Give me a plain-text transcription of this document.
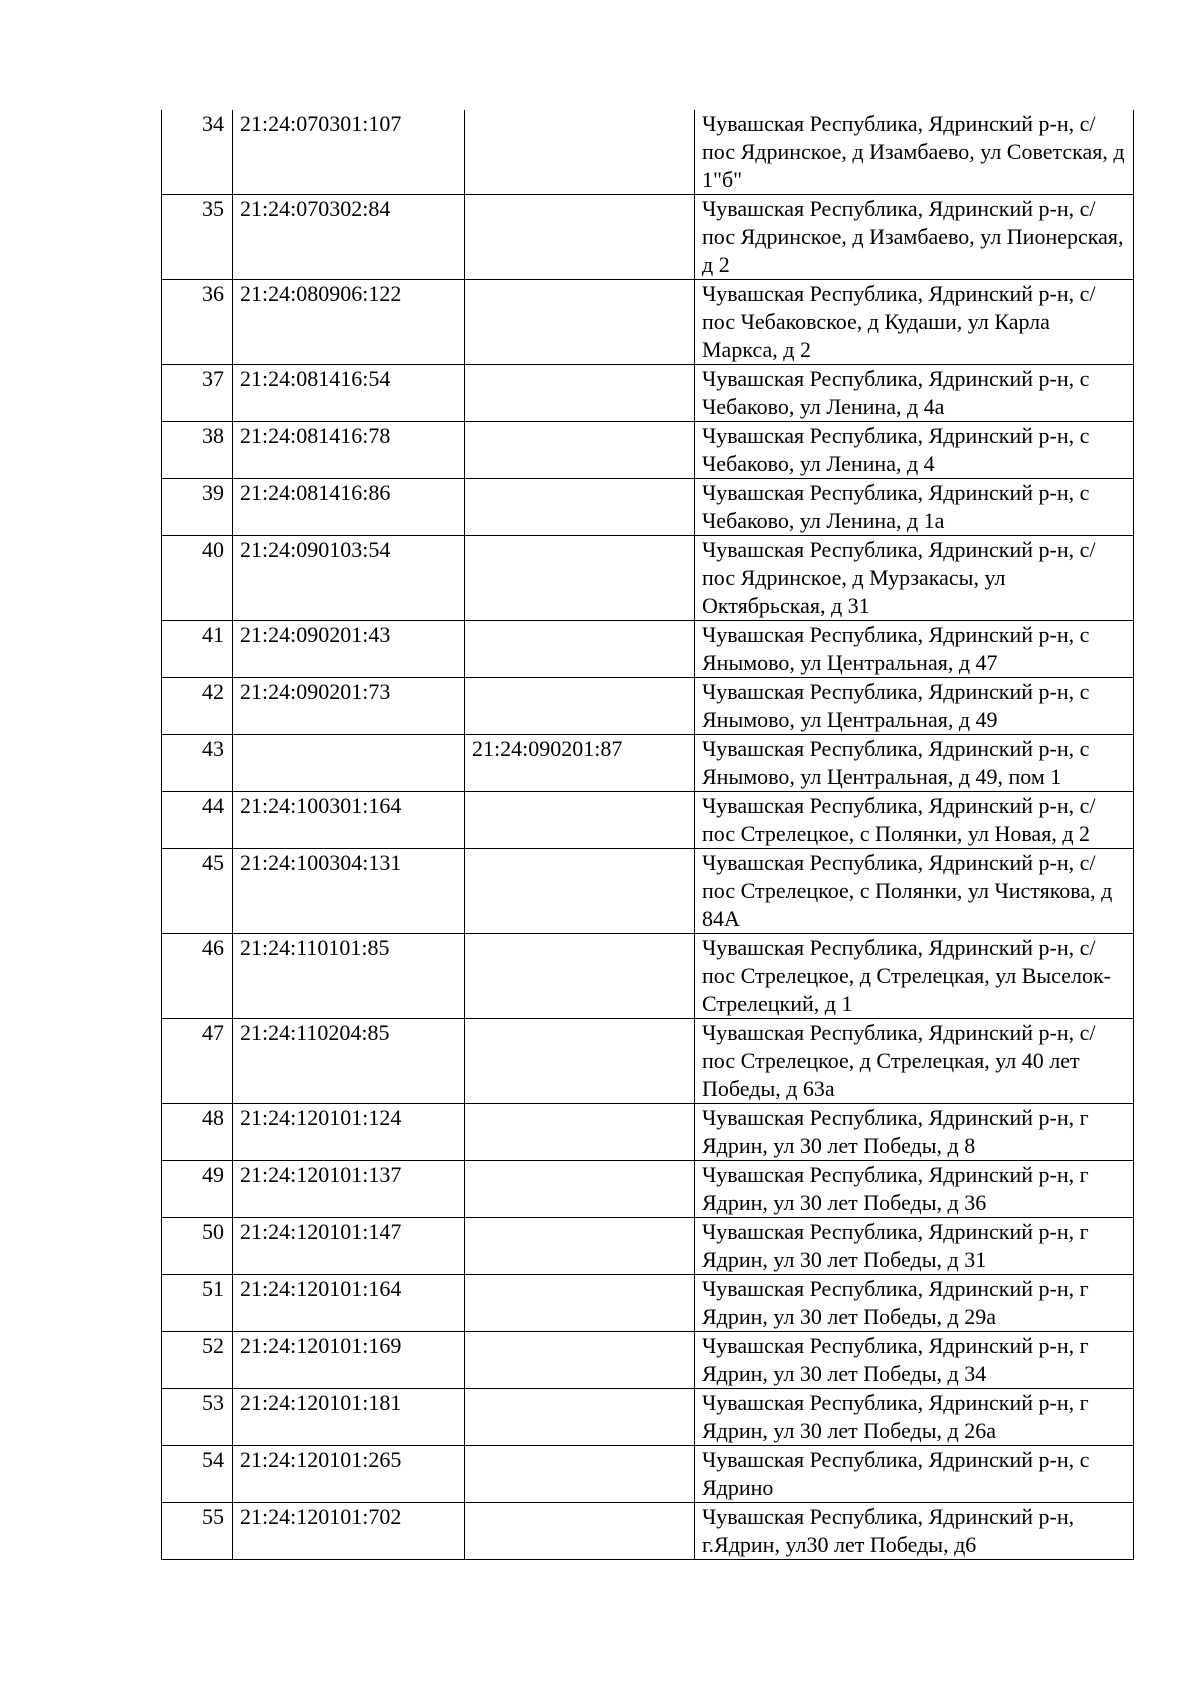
34	21:24:070301:107		Чувашская Республика, Ядринский р-н, с/пос Ядринское, д Изамбаево, ул Советская, д 1"б"
35	21:24:070302:84		Чувашская Республика, Ядринский р-н, с/пос Ядринское, д Изамбаево, ул Пионерская, д 2
36	21:24:080906:122		Чувашская Республика, Ядринский р-н, с/пос Чебаковское, д Кудаши, ул Карла Маркса, д 2
37	21:24:081416:54		Чувашская Республика, Ядринский р-н, с Чебаково, ул Ленина, д 4а
38	21:24:081416:78		Чувашская Республика, Ядринский р-н, с Чебаково, ул Ленина, д 4
39	21:24:081416:86		Чувашская Республика, Ядринский р-н, с Чебаково, ул Ленина, д 1а
40	21:24:090103:54		Чувашская Республика, Ядринский р-н, с/пос Ядринское, д Мурзакасы, ул Октябрьская, д 31
41	21:24:090201:43		Чувашская Республика, Ядринский р-н, с Янымово, ул Центральная, д 47
42	21:24:090201:73		Чувашская Республика, Ядринский р-н, с Янымово, ул Центральная, д 49
43		21:24:090201:87	Чувашская Республика, Ядринский р-н, с Янымово, ул Центральная, д 49, пом 1
44	21:24:100301:164		Чувашская Республика, Ядринский р-н, с/пос Стрелецкое, с Полянки, ул Новая, д 2
45	21:24:100304:131		Чувашская Республика, Ядринский р-н, с/пос Стрелецкое, с Полянки, ул Чистякова, д 84А
46	21:24:110101:85		Чувашская Республика, Ядринский р-н, с/пос Стрелецкое, д Стрелецкая, ул Выселок-Стрелецкий, д 1
47	21:24:110204:85		Чувашская Республика, Ядринский р-н, с/пос Стрелецкое, д Стрелецкая, ул 40 лет Победы, д 63а
48	21:24:120101:124		Чувашская Республика, Ядринский р-н, г Ядрин, ул 30 лет Победы, д 8
49	21:24:120101:137		Чувашская Республика, Ядринский р-н, г Ядрин, ул 30 лет Победы, д 36
50	21:24:120101:147		Чувашская Республика, Ядринский р-н, г Ядрин, ул 30 лет Победы, д 31
51	21:24:120101:164		Чувашская Республика, Ядринский р-н, г Ядрин, ул 30 лет Победы, д 29а
52	21:24:120101:169		Чувашская Республика, Ядринский р-н, г Ядрин, ул 30 лет Победы, д 34
53	21:24:120101:181		Чувашская Республика, Ядринский р-н, г Ядрин, ул 30 лет Победы, д 26а
54	21:24:120101:265		Чувашская Республика, Ядринский р-н, с Ядрино
55	21:24:120101:702		Чувашская Республика, Ядринский р-н, г.Ядрин, ул30 лет Победы, д6
